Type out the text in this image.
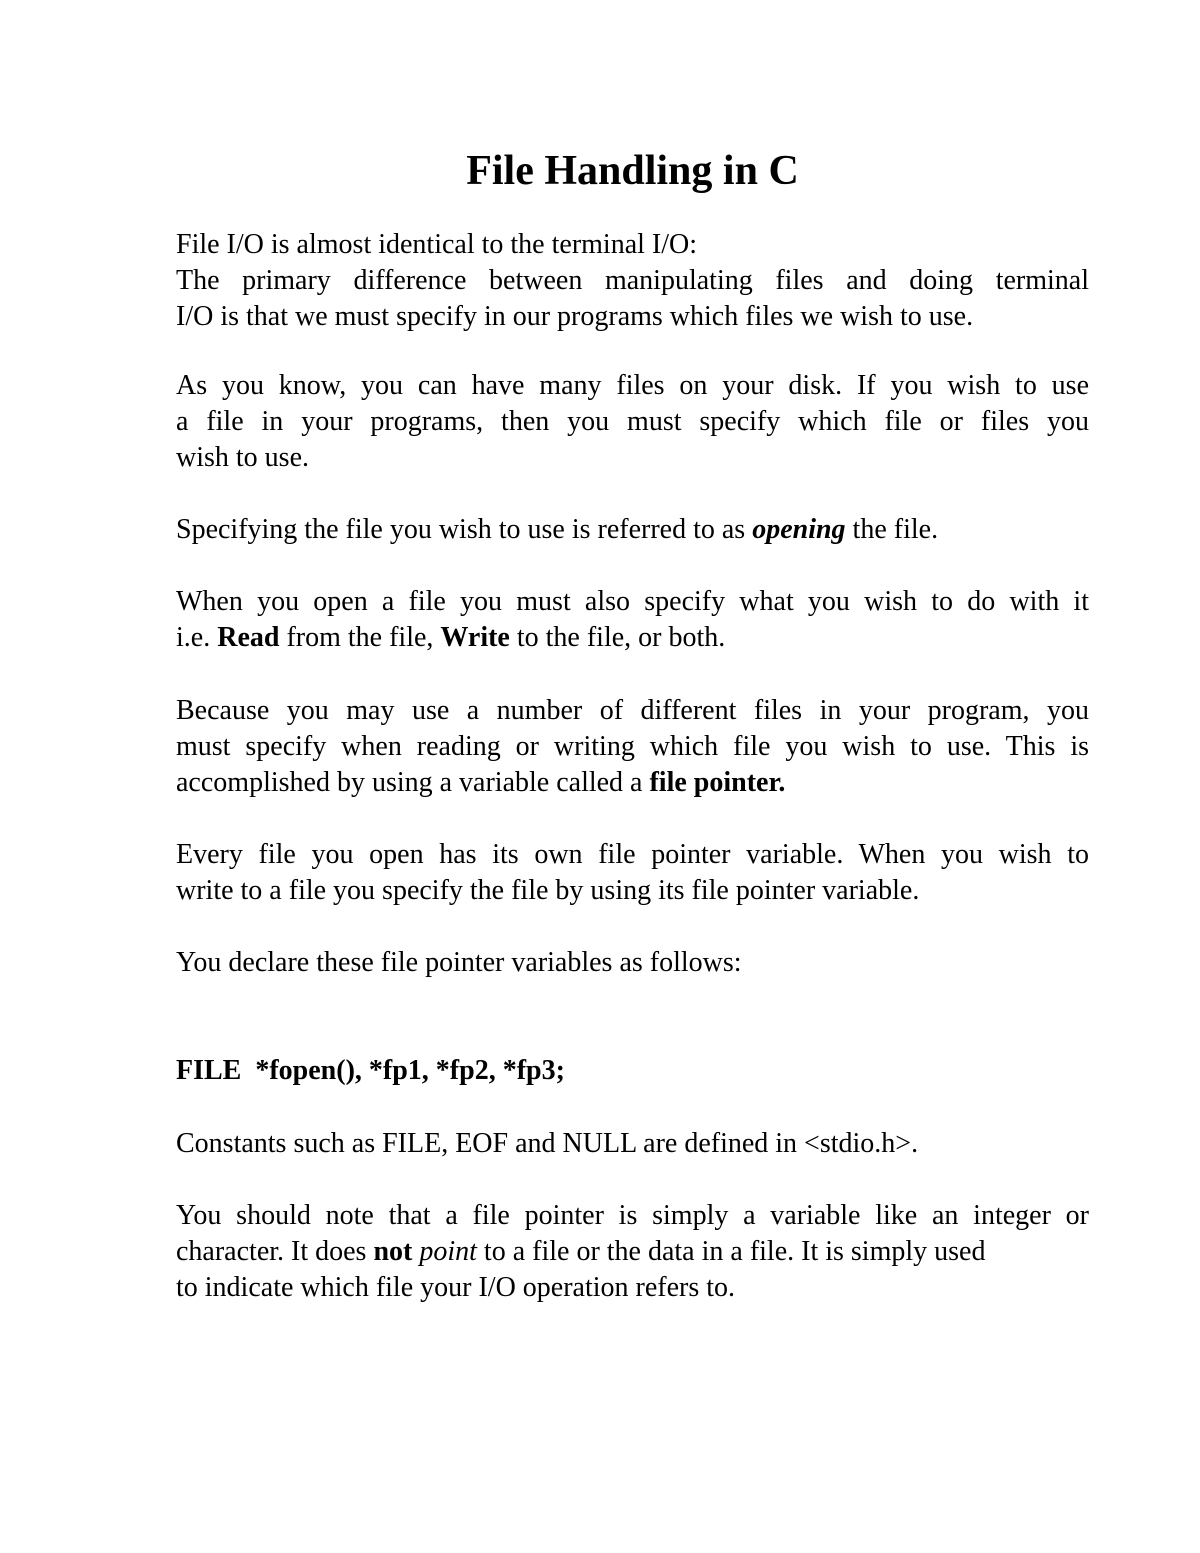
File Handling in C

File I/O is almost identical to the terminal I/O:
The primary difference between manipulating files and doing terminal
I/O is that we must specify in our programs which files we wish to use.

As you know, you can have many files on your disk. If you wish to use
a file in your programs, then you must specify which file or files you
wish to use.

Specifying the file you wish to use is referred to as opening the file.

When you open a file you must also specify what you wish to do with it
i.e. Read from the file, Write to the file, or both.

Because you may use a number of different files in your program, you
must specify when reading or writing which file you wish to use. This is
accomplished by using a variable called a file pointer.

Every file you open has its own file pointer variable. When you wish to
write to a file you specify the file by using its file pointer variable.

You declare these file pointer variables as follows:

FILE *fopen(), *fp1, *fp2, *fp3;

Constants such as FILE, EOF and NULL are defined in <stdio.h>.

You should note that a file pointer is simply a variable like an integer or
character. It does not point to a file or the data in a file. It is simply used
to indicate which file your I/O operation refers to.
